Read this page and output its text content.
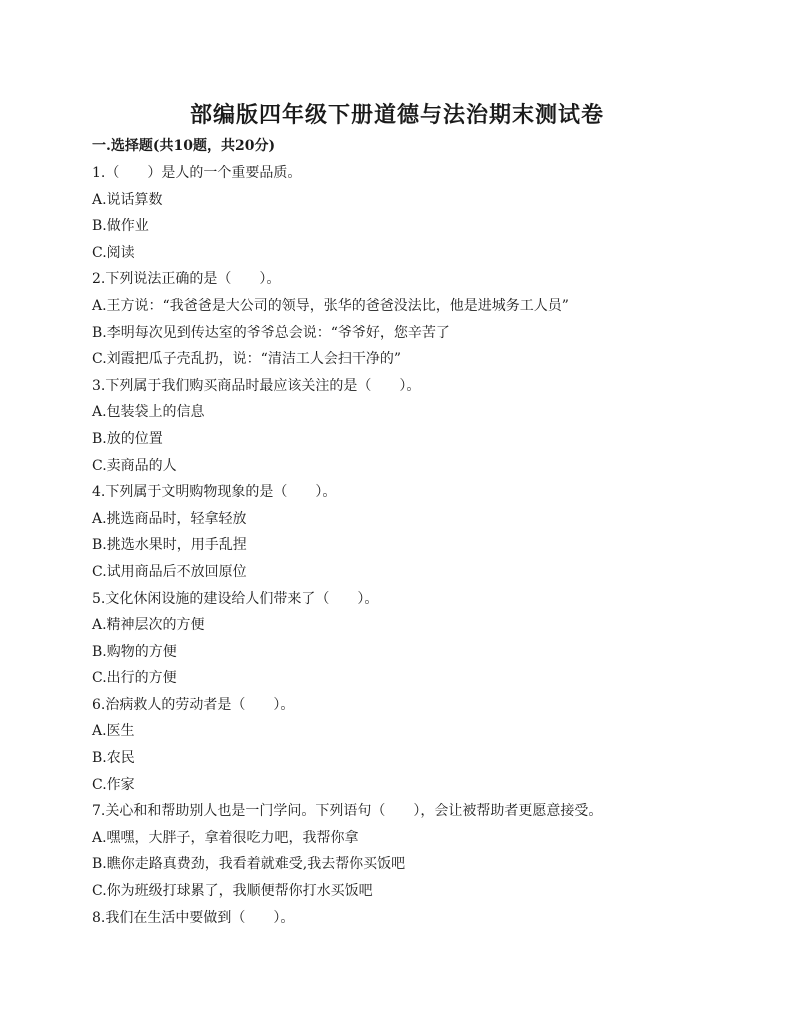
部编版四年级下册道德与法治期末测试卷
一.选择题(共10题，共20分)
1.（　　）是人的一个重要品质。
A.说话算数
B.做作业
C.阅读
2.下列说法正确的是（　　）。
A.王方说：“我爸爸是大公司的领导，张华的爸爸没法比，他是进城务工人员”
B.李明每次见到传达室的爷爷总会说：“爷爷好，您辛苦了
C.刘霞把瓜子壳乱扔，说：“清洁工人会扫干净的”
3.下列属于我们购买商品时最应该关注的是（　　）。
A.包装袋上的信息
B.放的位置
C.卖商品的人
4.下列属于文明购物现象的是（　　）。
A.挑选商品时，轻拿轻放
B.挑选水果时，用手乱捏
C.试用商品后不放回原位
5.文化休闲设施的建设给人们带来了（　　）。
A.精神层次的方便
B.购物的方便
C.出行的方便
6.治病救人的劳动者是（　　）。
A.医生
B.农民
C.作家
7.关心和和帮助别人也是一门学问。下列语句（　　），会让被帮助者更愿意接受。
A.嘿嘿，大胖子，拿着很吃力吧，我帮你拿
B.瞧你走路真费劲，我看着就难受,我去帮你买饭吧
C.你为班级打球累了，我顺便帮你打水买饭吧
8.我们在生活中要做到（　　）。
